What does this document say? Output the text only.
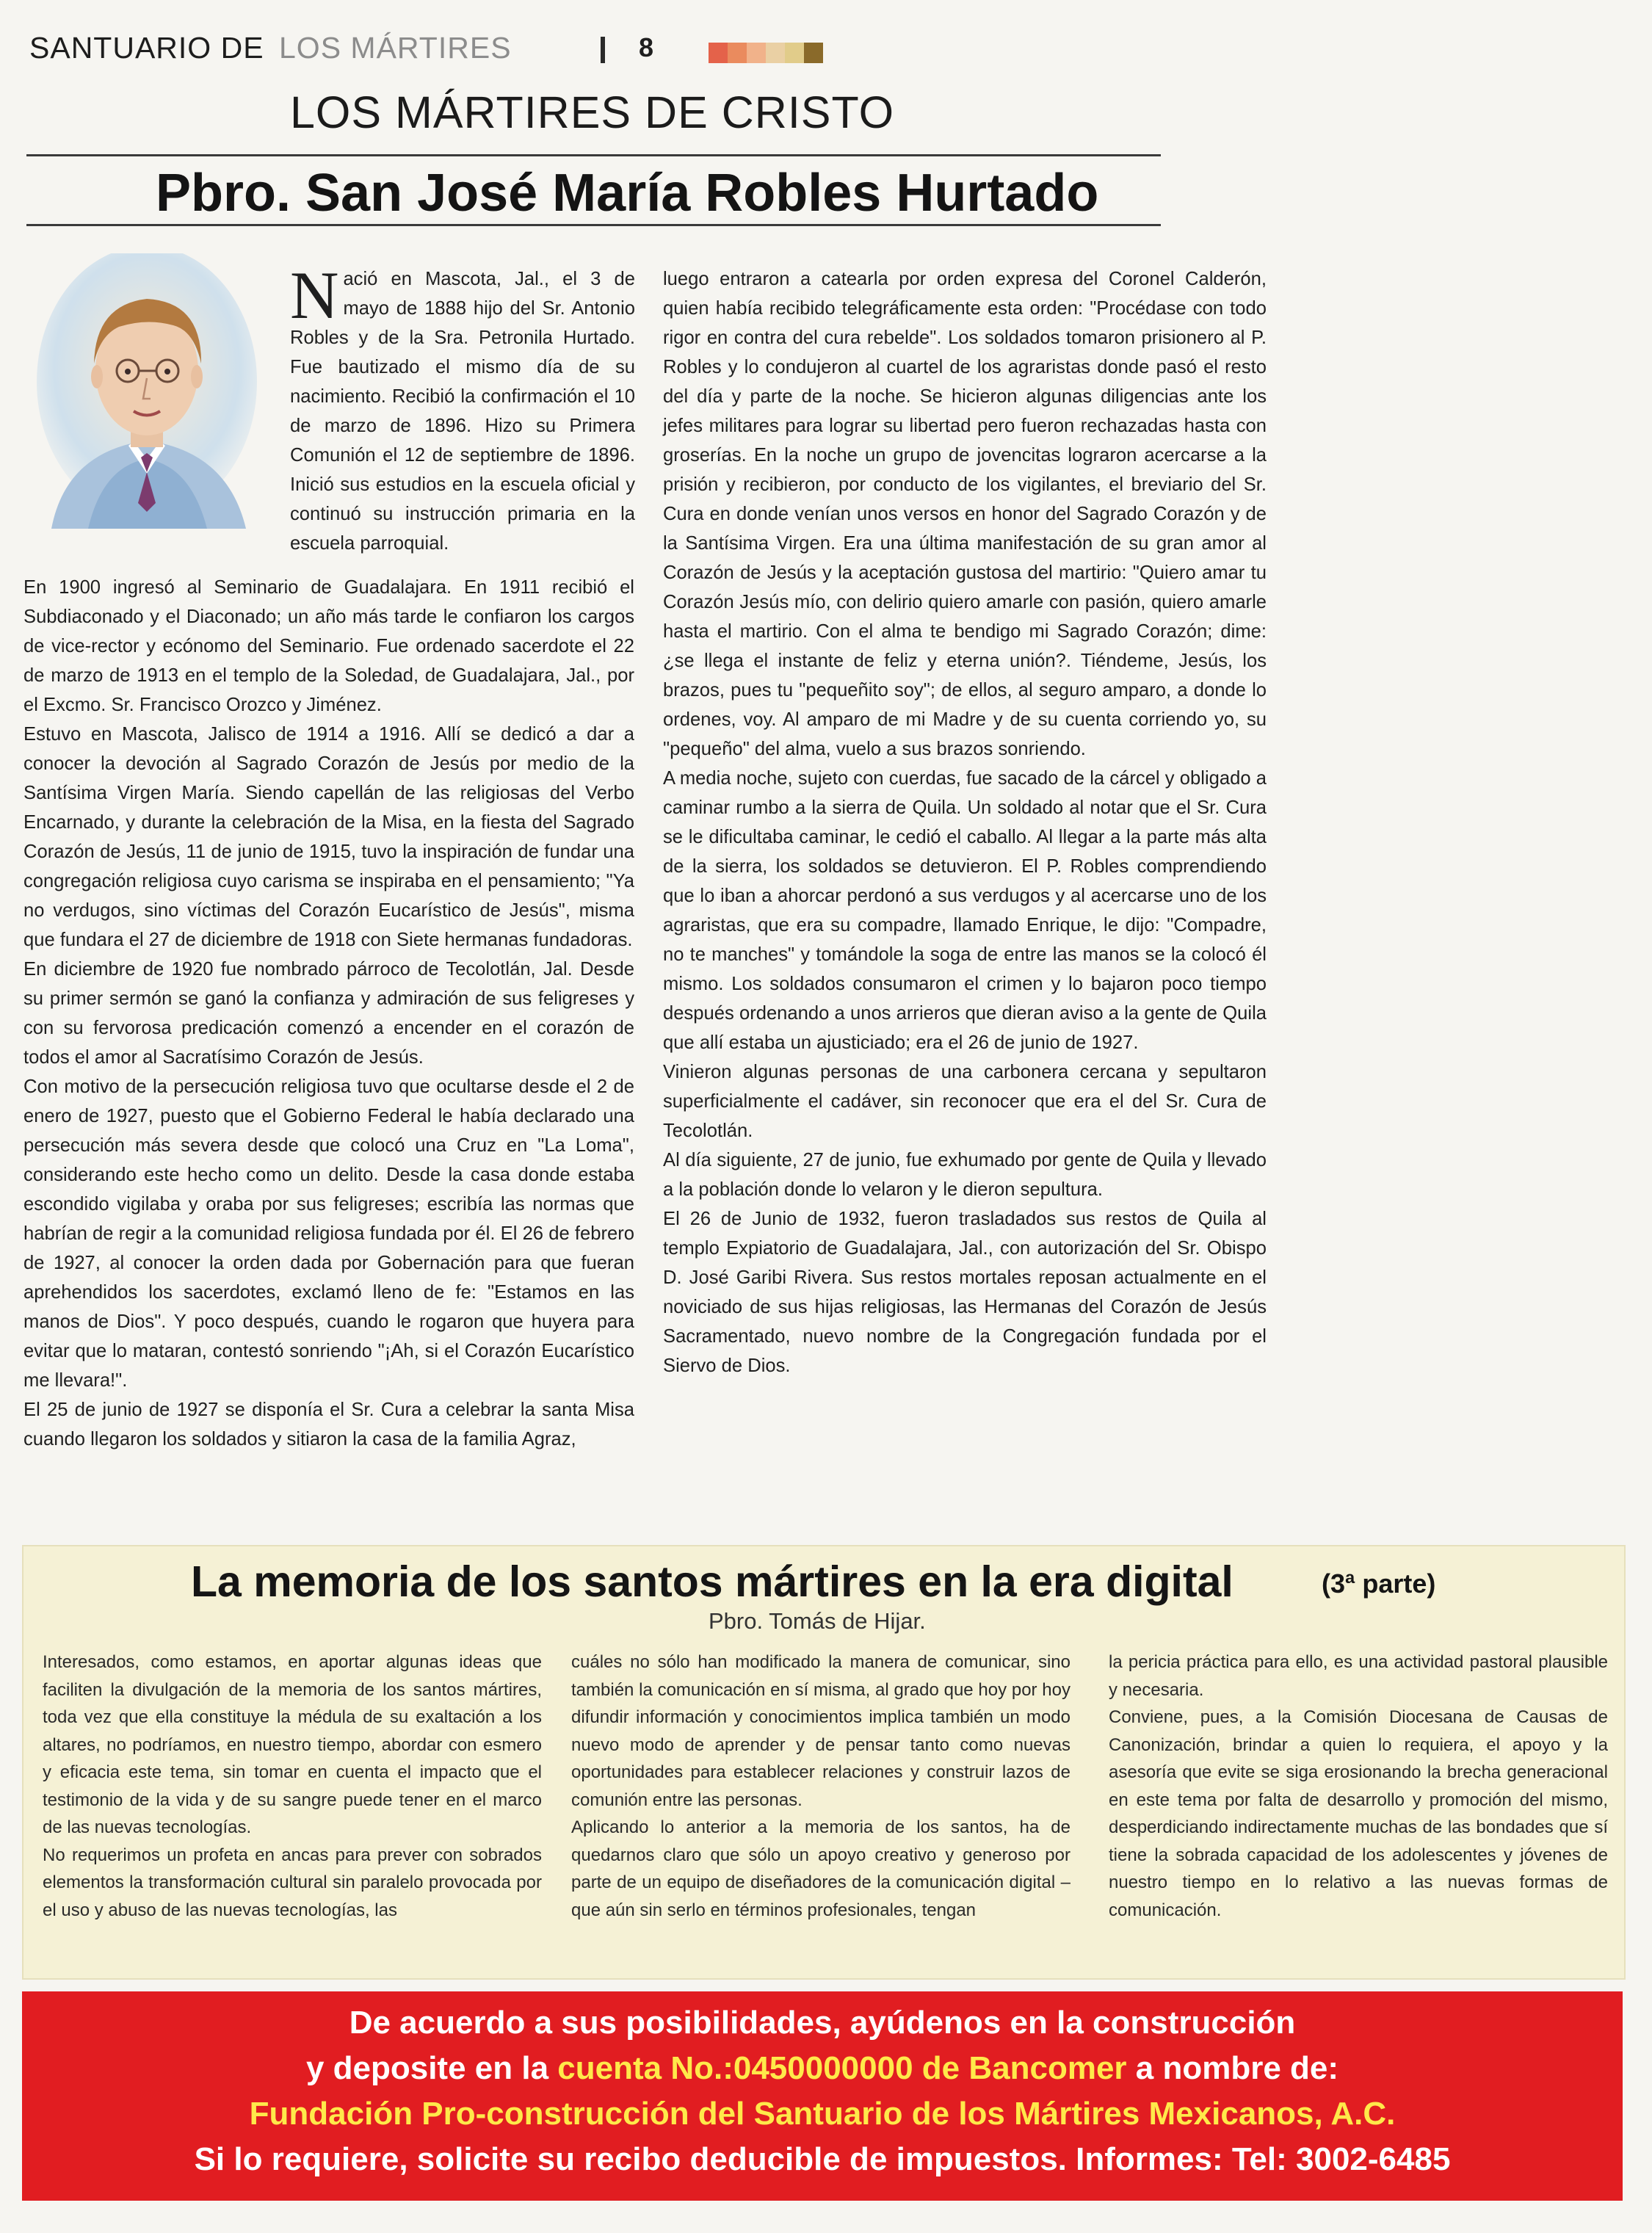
SANTUARIO DE LOS MÁRTIRES	8
LOS MÁRTIRES DE CRISTO
Pbro. San José María Robles Hurtado

Nació en Mascota, Jal., el 3 de mayo de 1888 hijo del Sr. Antonio Robles y de la Sra. Petronila Hurtado. Fue bautizado el mismo día de su nacimiento. Recibió la confirmación el 10 de marzo de 1896. Hizo su Primera Comunión el 12 de septiembre de 1896. Inició sus estudios en la escuela oficial y continuó su instrucción primaria en la escuela parroquial.

En 1900 ingresó al Seminario de Guadalajara. En 1911 recibió el Subdiaconado y el Diaconado; un año más tarde le confiaron los cargos de vice-rector y ecónomo del Seminario. Fue ordenado sacerdote el 22 de marzo de 1913 en el templo de la Soledad, de Guadalajara, Jal., por el Excmo. Sr. Francisco Orozco y Jiménez.

Estuvo en Mascota, Jalisco de 1914 a 1916. Allí se dedicó a dar a conocer la devoción al Sagrado Corazón de Jesús por medio de la Santísima Virgen María. Siendo capellán de las religiosas del Verbo Encarnado, y durante la celebración de la Misa, en la fiesta del Sagrado Corazón de Jesús, 11 de junio de 1915, tuvo la inspiración de fundar una congregación religiosa cuyo carisma se inspiraba en el pensamiento; "Ya no verdugos, sino víctimas del Corazón Eucarístico de Jesús", misma que fundara el 27 de diciembre de 1918 con Siete hermanas fundadoras.

En diciembre de 1920 fue nombrado párroco de Tecolotlán, Jal. Desde su primer sermón se ganó la confianza y admiración de sus feligreses y con su fervorosa predicación comenzó a encender en el corazón de todos el amor al Sacratísimo Corazón de Jesús.

Con motivo de la persecución religiosa tuvo que ocultarse desde el 2 de enero de 1927, puesto que el Gobierno Federal le había declarado una persecución más severa desde que colocó una Cruz en "La Loma", considerando este hecho como un delito. Desde la casa donde estaba escondido vigilaba y oraba por sus feligreses; escribía las normas que habrían de regir a la comunidad religiosa fundada por él. El 26 de febrero de 1927, al conocer la orden dada por Gobernación para que fueran aprehendidos los sacerdotes, exclamó lleno de fe: "Estamos en las manos de Dios". Y poco después, cuando le rogaron que huyera para evitar que lo mataran, contestó sonriendo "¡Ah, si el Corazón Eucarístico me llevara!".

El 25 de junio de 1927 se disponía el Sr. Cura a celebrar la santa Misa cuando llegaron los soldados y sitiaron la casa de la familia Agraz,

luego entraron a catearla por orden expresa del Coronel Calderón, quien había recibido telegráficamente esta orden: "Procédase con todo rigor en contra del cura rebelde". Los soldados tomaron prisionero al P. Robles y lo condujeron al cuartel de los agraristas donde pasó el resto del día y parte de la noche. Se hicieron algunas diligencias ante los jefes militares para lograr su libertad pero fueron rechazadas hasta con groserías. En la noche un grupo de jovencitas lograron acercarse a la prisión y recibieron, por conducto de los vigilantes, el breviario del Sr. Cura en donde venían unos versos en honor del Sagrado Corazón y de la Santísima Virgen. Era una última manifestación de su gran amor al Corazón de Jesús y la aceptación gustosa del martirio: "Quiero amar tu Corazón Jesús mío, con delirio quiero amarle con pasión, quiero amarle hasta el martirio. Con el alma te bendigo mi Sagrado Corazón; dime: ¿se llega el instante de feliz y eterna unión?. Tiéndeme, Jesús, los brazos, pues tu "pequeñito soy"; de ellos, al seguro amparo, a donde lo ordenes, voy. Al amparo de mi Madre y de su cuenta corriendo yo, su "pequeño" del alma, vuelo a sus brazos sonriendo.

A media noche, sujeto con cuerdas, fue sacado de la cárcel y obligado a caminar rumbo a la sierra de Quila. Un soldado al notar que el Sr. Cura se le dificultaba caminar, le cedió el caballo. Al llegar a la parte más alta de la sierra, los soldados se detuvieron. El P. Robles comprendiendo que lo iban a ahorcar perdonó a sus verdugos y al acercarse uno de los agraristas, que era su compadre, llamado Enrique, le dijo: "Compadre, no te manches" y tomándole la soga de entre las manos se la colocó él mismo. Los soldados consumaron el crimen y lo bajaron poco tiempo después ordenando a unos arrieros que dieran aviso a la gente de Quila que allí estaba un ajusticiado; era el 26 de junio de 1927.

Vinieron algunas personas de una carbonera cercana y sepultaron superficialmente el cadáver, sin reconocer que era el del Sr. Cura de Tecolotlán.

Al día siguiente, 27 de junio, fue exhumado por gente de Quila y llevado a la población donde lo velaron y le dieron sepultura.

El 26 de Junio de 1932, fueron trasladados sus restos de Quila al templo Expiatorio de Guadalajara, Jal., con autorización del Sr. Obispo D. José Garibi Rivera. Sus restos mortales reposan actualmente en el noviciado de sus hijas religiosas, las Hermanas del Corazón de Jesús Sacramentado, nuevo nombre de la Congregación fundada por el Siervo de Dios.

La memoria de los santos mártires en la era digital	(3ª parte)
Pbro. Tomás de Hijar.

Interesados, como estamos, en aportar algunas ideas que faciliten la divulgación de la memoria de los santos mártires, toda vez que ella constituye la médula de su exaltación a los altares, no podríamos, en nuestro tiempo, abordar con esmero y eficacia este tema, sin tomar en cuenta el impacto que el testimonio de la vida y de su sangre puede tener en el marco de las nuevas tecnologías.

No requerimos un profeta en ancas para prever con sobrados elementos la transformación cultural sin paralelo provocada por el uso y abuso de las nuevas tecnologías, las

cuáles no sólo han modificado la manera de comunicar, sino también la comunicación en sí misma, al grado que hoy por hoy difundir información y conocimientos implica también un modo nuevo modo de aprender y de pensar tanto como nuevas oportunidades para establecer relaciones y construir lazos de comunión entre las personas.

Aplicando lo anterior a la memoria de los santos, ha de quedarnos claro que sólo un apoyo creativo y generoso por parte de un equipo de diseñadores de la comunicación digital –que aún sin serlo en términos profesionales, tengan

la pericia práctica para ello, es una actividad pastoral plausible y necesaria.

Conviene, pues, a la Comisión Diocesana de Causas de Canonización, brindar a quien lo requiera, el apoyo y la asesoría que evite se siga erosionando la brecha generacional en este tema por falta de desarrollo y promoción del mismo, desperdiciando indirectamente muchas de las bondades que sí tiene la sobrada capacidad de los adolescentes y jóvenes de nuestro tiempo en lo relativo a las nuevas formas de comunicación.

De acuerdo a sus posibilidades, ayúdenos en la construcción
y deposite en la cuenta No.:0450000000 de Bancomer a nombre de:
Fundación Pro-construcción del Santuario de los Mártires Mexicanos, A.C.
Si lo requiere, solicite su recibo deducible de impuestos. Informes: Tel: 3002-6485
